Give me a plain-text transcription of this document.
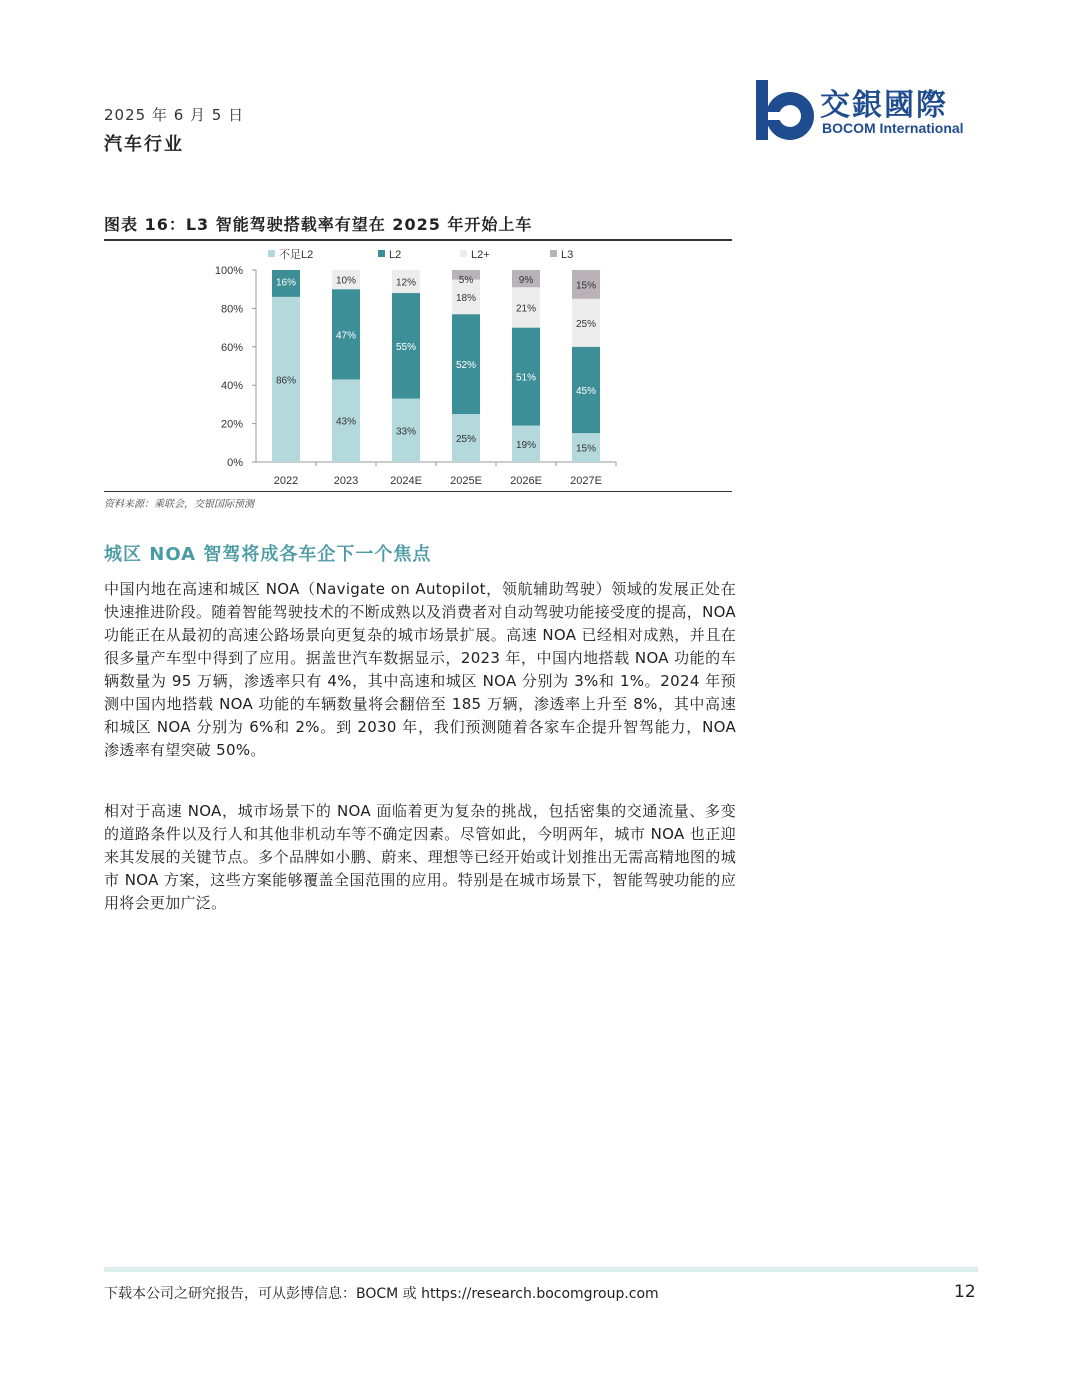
2025 年 6 月 5 日
汽车行业
交銀國際
BOCOM International
图表 16：L3 智能驾驶搭载率有望在 2025 年开始上车
不足L2	L2	L2+	L3
100%
80%
60%
40%
20%
0%
86%
16%
2022
43%
47%
10%
2023
33%
55%
12%
2024E
25%
52%
18%
5%
2025E
19%
51%
21%
9%
2026E
15%
45%
25%
15%
2027E
资料来源：乘联会，交银国际预测
城区 NOA 智驾将成各车企下一个焦点
中国内地在高速和城区 NOA（Navigate on Autopilot，领航辅助驾驶）领域的发展正处在快速推进阶段。随着智能驾驶技术的不断成熟以及消费者对自动驾驶功能接受度的提高，NOA 功能正在从最初的高速公路场景向更复杂的城市场景扩展。高速 NOA 已经相对成熟，并且在很多量产车型中得到了应用。据盖世汽车数据显示，2023 年，中国内地搭载 NOA 功能的车辆数量为 95 万辆，渗透率只有 4%，其中高速和城区 NOA 分别为 3%和 1%。2024 年预测中国内地搭载 NOA 功能的车辆数量将会翻倍至 185 万辆，渗透率上升至 8%，其中高速和城区 NOA 分别为 6%和 2%。到 2030 年，我们预测随着各家车企提升智驾能力，NOA 渗透率有望突破 50%。
相对于高速 NOA，城市场景下的 NOA 面临着更为复杂的挑战，包括密集的交通流量、多变的道路条件以及行人和其他非机动车等不确定因素。尽管如此，今明两年，城市 NOA 也正迎来其发展的关键节点。多个品牌如小鹏、蔚来、理想等已经开始或计划推出无需高精地图的城市 NOA 方案，这些方案能够覆盖全国范围的应用。特别是在城市场景下，智能驾驶功能的应用将会更加广泛。
下载本公司之研究报告，可从彭博信息：BOCM 或 https://research.bocomgroup.com	12
